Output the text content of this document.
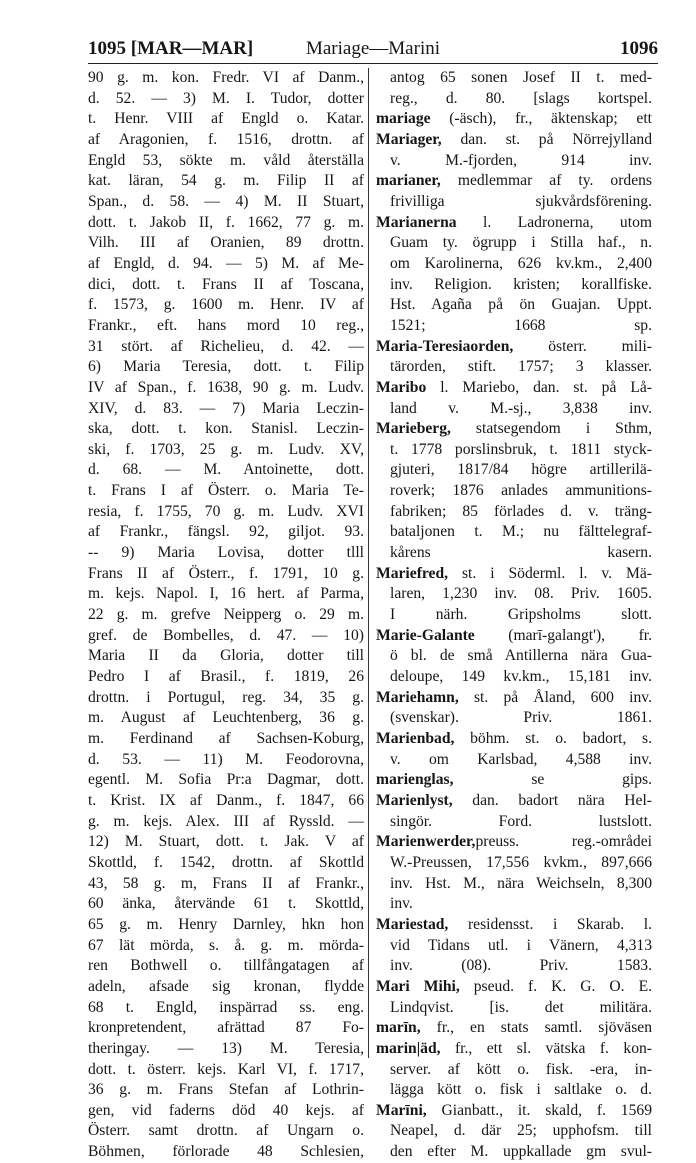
1095 [MAR—MAR]	Mariage—Marini	1096
90 g. m. kon. Fredr. VI af Danm.,
d. 52. — 3) M. I. Tudor, dotter
t. Henr. VIII af Engld o. Katar.
af Aragonien, f. 1516, drottn. af
Engld 53, sökte m. våld återställa
kat. läran, 54 g. m. Filip II af
Span., d. 58. — 4) M. II Stuart,
dott. t. Jakob II, f. 1662, 77 g. m.
Vilh. III af Oranien, 89 drottn.
af Engld, d. 94. — 5) M. af Me-
dici, dott. t. Frans II af Toscana,
f. 1573, g. 1600 m. Henr. IV af
Frankr., eft. hans mord 10 reg.,
31 stört. af Richelieu, d. 42. —
6) Maria Teresia, dott. t. Filip
IV af Span., f. 1638, 90 g. m. Ludv.
XIV, d. 83. — 7) Maria Leczin-
ska, dott. t. kon. Stanisl. Leczin-
ski, f. 1703, 25 g. m. Ludv. XV,
d. 68. — M. Antoinette, dott.
t. Frans I af Österr. o. Maria Te-
resia, f. 1755, 70 g. m. Ludv. XVI
af Frankr., fängsl. 92, giljot. 93.
-- 9) Maria Lovisa, dotter tlll
Frans II af Österr., f. 1791, 10 g.
m. kejs. Napol. I, 16 hert. af Parma,
22 g. m. grefve Neipperg o. 29 m.
gref. de Bombelles, d. 47. — 10)
Maria II da Gloria, dotter till
Pedro I af Brasil., f. 1819, 26
drottn. i Portugul, reg. 34, 35 g.
m. August af Leuchtenberg, 36 g.
m. Ferdinand af Sachsen-Koburg,
d. 53. — 11) M. Feodorovna,
egentl. M. Sofia Pr:a Dagmar, dott.
t. Krist. IX af Danm., f. 1847, 66
g. m. kejs. Alex. III af Ryssld. —
12) M. Stuart, dott. t. Jak. V af
Skottld, f. 1542, drottn. af Skottld
43, 58 g. m, Frans II af Frankr.,
60 änka, återvände 61 t. Skottld,
65 g. m. Henry Darnley, hkn hon
67 lät mörda, s. å. g. m. mörda-
ren Bothwell o. tillfångatagen af
adeln, afsade sig kronan, flydde
68 t. Engld, inspärrad ss. eng.
kronpretendent, afrättad 87 Fo-
theringay. — 13) M. Teresia,
dott. t. österr. kejs. Karl VI, f. 1717,
36 g. m. Frans Stefan af Lothrin-
gen, vid faderns död 40 kejs. af
Österr. samt drottn. af Ungarn o.
Böhmen, förlorade 48 Schlesien,
antog 65 sonen Josef II t. med-
reg., d. 80. [slags kortspel.
mariage (-äsch), fr., äktenskap; ett
Mariager, dan. st. på Nörrejylland
v. M.-fjorden, 914 inv.
marianer, medlemmar af ty. ordens
frivilliga sjukvårdsförening.
Marianerna l. Ladronerna, utom
Guam ty. ögrupp i Stilla haf., n.
om Karolinerna, 626 kv.km., 2,400
inv. Religion. kristen; korallfiske.
Hst. Agaña på ön Guajan. Uppt.
1521; 1668 sp.
Maria-Teresiaorden, österr. mili-
tärorden, stift. 1757; 3 klasser.
Maribo l. Mariebo, dan. st. på Lå-
land v. M.-sj., 3,838 inv.
Marieberg, statsegendom i Sthm,
t. 1778 porslinsbruk, t. 1811 styck-
gjuteri, 1817/84 högre artillerilä-
roverk; 1876 anlades ammunitions-
fabriken; 85 förlades d. v. träng-
bataljonen t. M.; nu fälttelegraf-
kårens kasern.
Mariefred, st. i Söderml. l. v. Mä-
laren, 1,230 inv. 08. Priv. 1605.
I närh. Gripsholms slott.
Marie-Galante (marī-galangt'), fr.
ö bl. de små Antillerna nära Gua-
deloupe, 149 kv.km., 15,181 inv.
Mariehamn, st. på Åland, 600 inv.
(svenskar). Priv. 1861.
Marienbad, böhm. st. o. badort, s.
v. om Karlsbad, 4,588 inv.
marienglas, se gips.
Marienlyst, dan. badort nära Hel-
singör. Ford. lustslott.
Marienwerder,preuss. reg.-områdei
W.-Preussen, 17,556 kvkm., 897,666
inv. Hst. M., nära Weichseln, 8,300
inv.
Mariestad, residensst. i Skarab. l.
vid Tidans utl. i Vänern, 4,313
inv. (08). Priv. 1583.
Mari Mihi, pseud. f. K. G. O. E.
Lindqvist. [is. det militära.
marīn, fr., en stats samtl. sjöväsen
marin|äd, fr., ett sl. vätska f. kon-
server. af kött o. fisk. -era, in-
lägga kött o. fisk i saltlake o. d.
Marīni, Gianbatt., it. skald, f. 1569
Neapel, d. där 25; upphofsm. till
den efter M. uppkallade gm svul-
